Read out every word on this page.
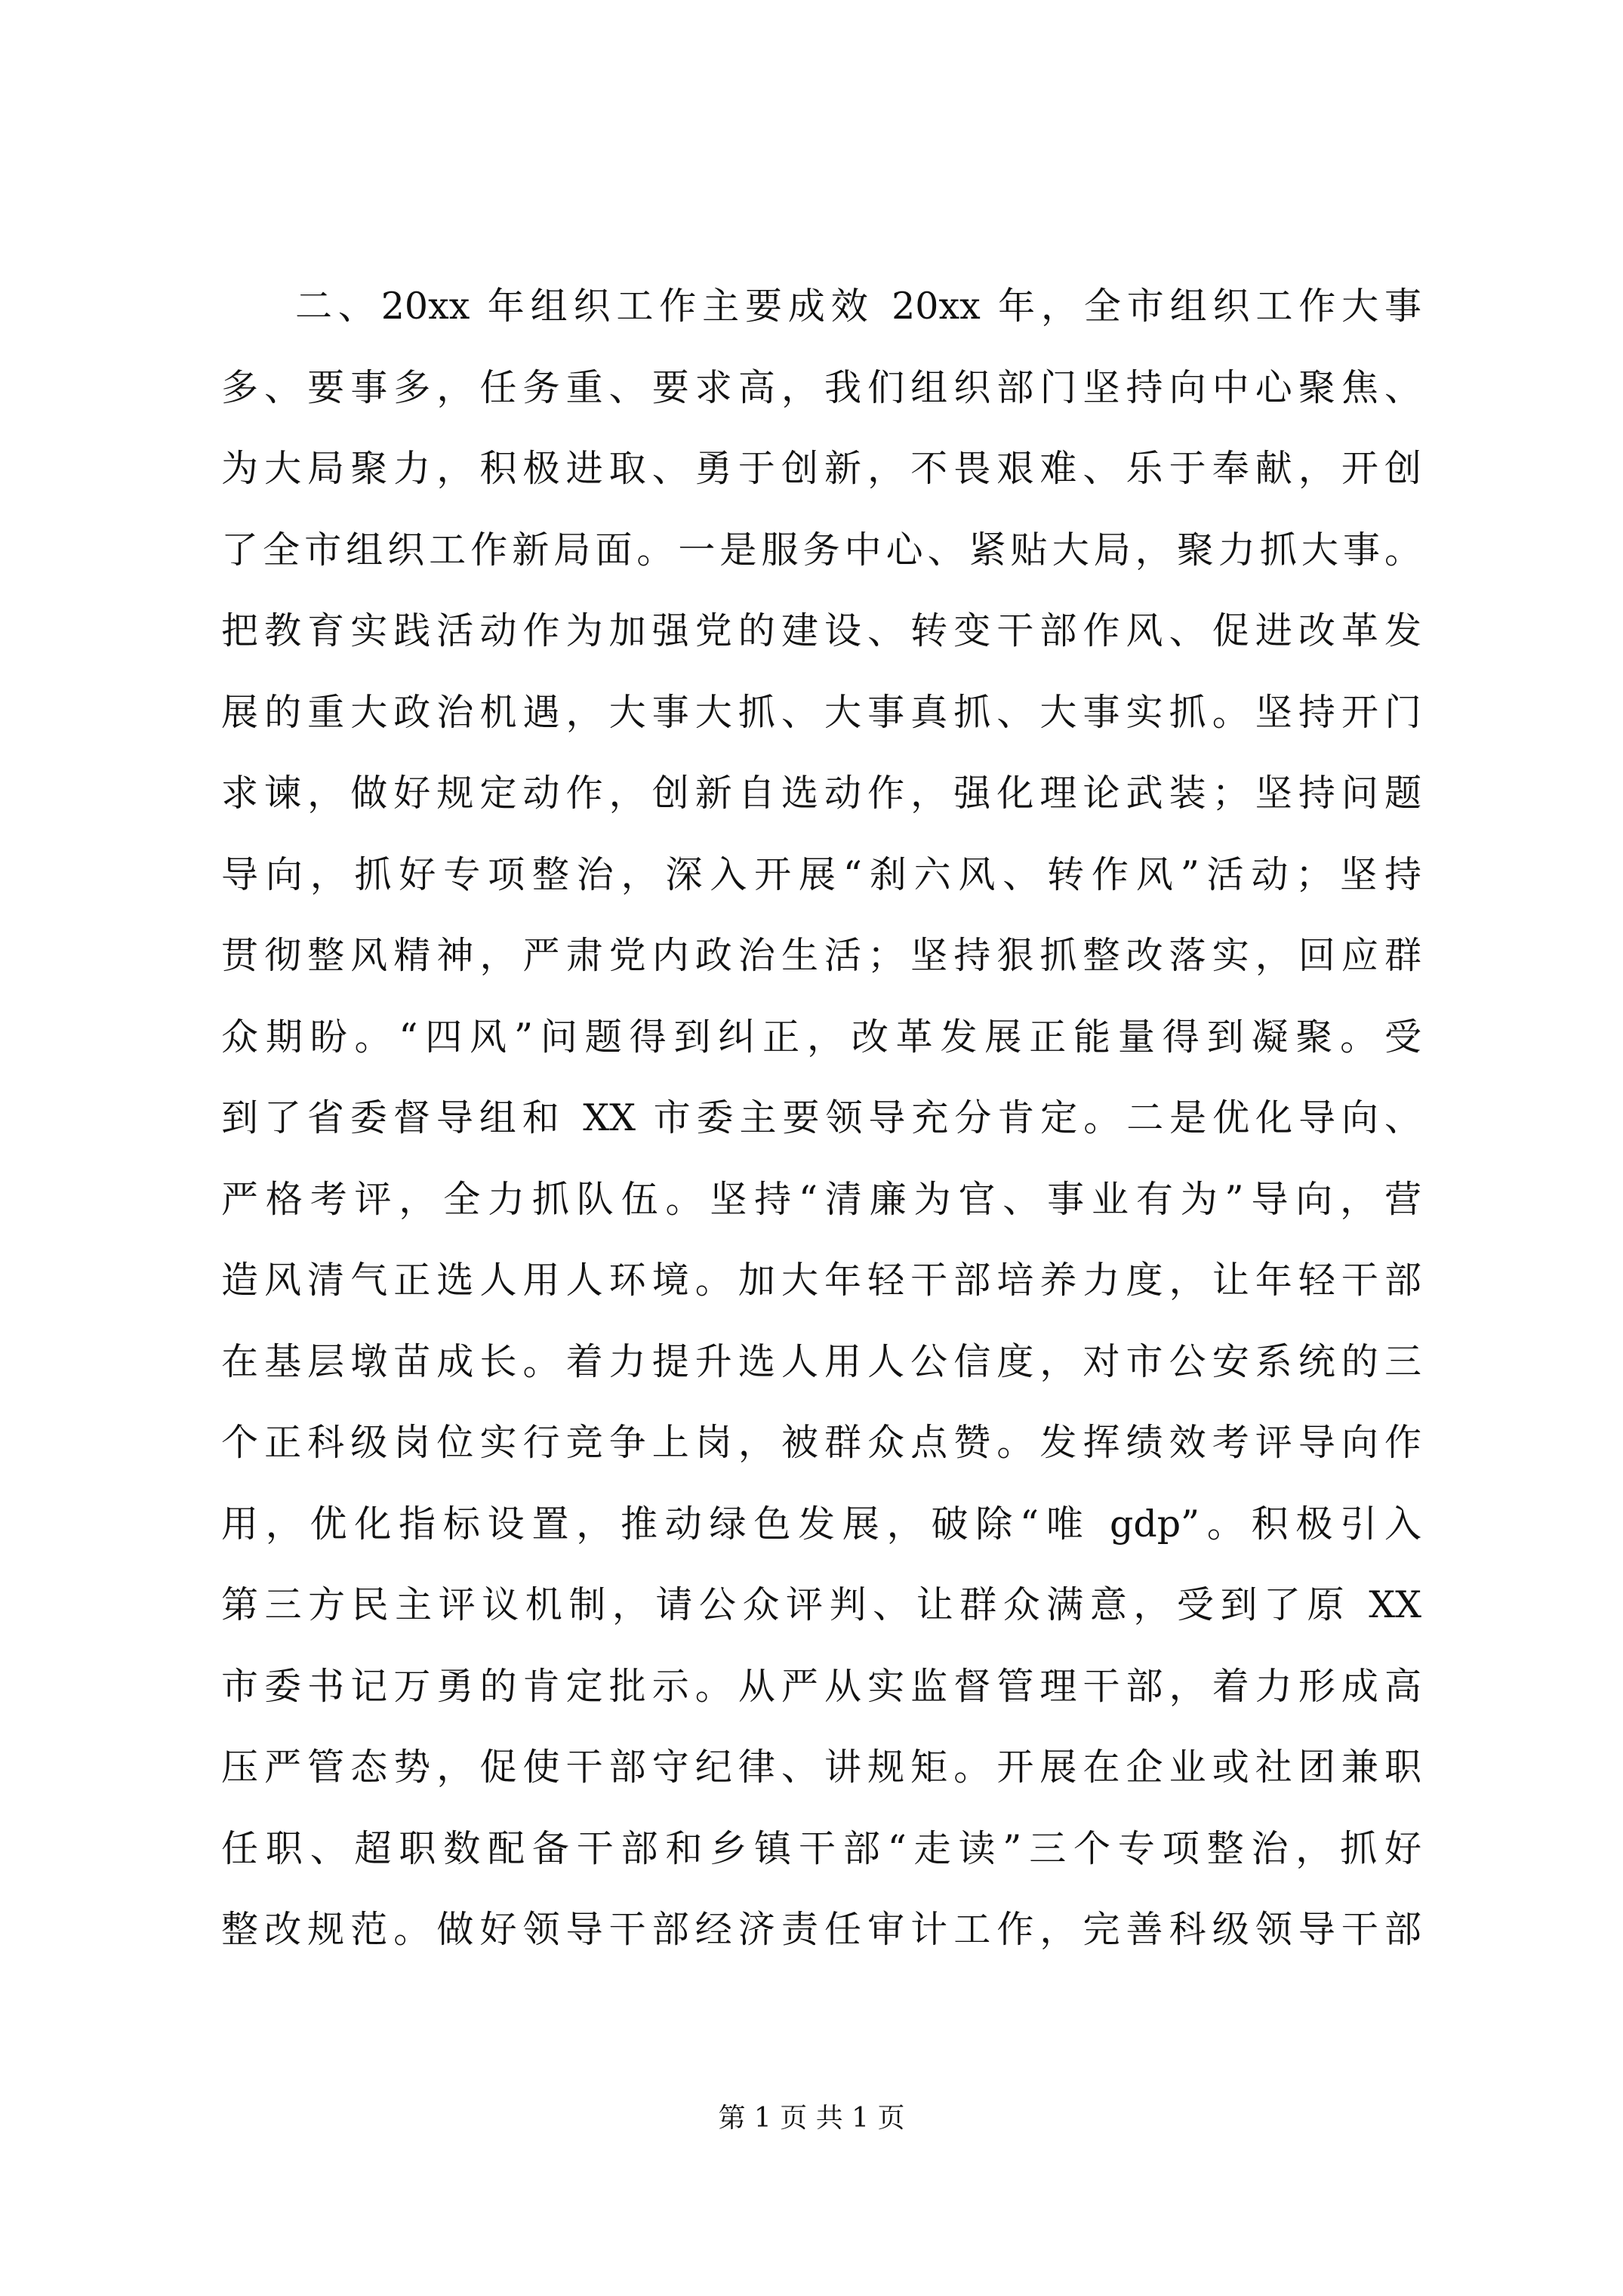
二、20xx 年组织工作主要成效 20xx 年，全市组织工作大事
多、要事多，任务重、要求高，我们组织部门坚持向中心聚焦、
为大局聚力，积极进取、勇于创新，不畏艰难、乐于奉献，开创
了全市组织工作新局面。一是服务中心、紧贴大局，聚力抓大事。
把教育实践活动作为加强党的建设、转变干部作风、促进改革发
展的重大政治机遇，大事大抓、大事真抓、大事实抓。坚持开门
求谏，做好规定动作，创新自选动作，强化理论武装；坚持问题
导向，抓好专项整治，深入开展“刹六风、转作风”活动；坚持
贯彻整风精神，严肃党内政治生活；坚持狠抓整改落实，回应群
众期盼。“四风”问题得到纠正，改革发展正能量得到凝聚。受
到了省委督导组和 XX 市委主要领导充分肯定。二是优化导向、
严格考评，全力抓队伍。坚持“清廉为官、事业有为”导向，营
造风清气正选人用人环境。加大年轻干部培养力度，让年轻干部
在基层墩苗成长。着力提升选人用人公信度，对市公安系统的三
个正科级岗位实行竞争上岗，被群众点赞。发挥绩效考评导向作
用，优化指标设置，推动绿色发展，破除“唯 gdp”。积极引入
第三方民主评议机制，请公众评判、让群众满意，受到了原 XX
市委书记万勇的肯定批示。从严从实监督管理干部，着力形成高
压严管态势，促使干部守纪律、讲规矩。开展在企业或社团兼职
任职、超职数配备干部和乡镇干部“走读”三个专项整治，抓好
整改规范。做好领导干部经济责任审计工作，完善科级领导干部
第 1 页 共 1 页
